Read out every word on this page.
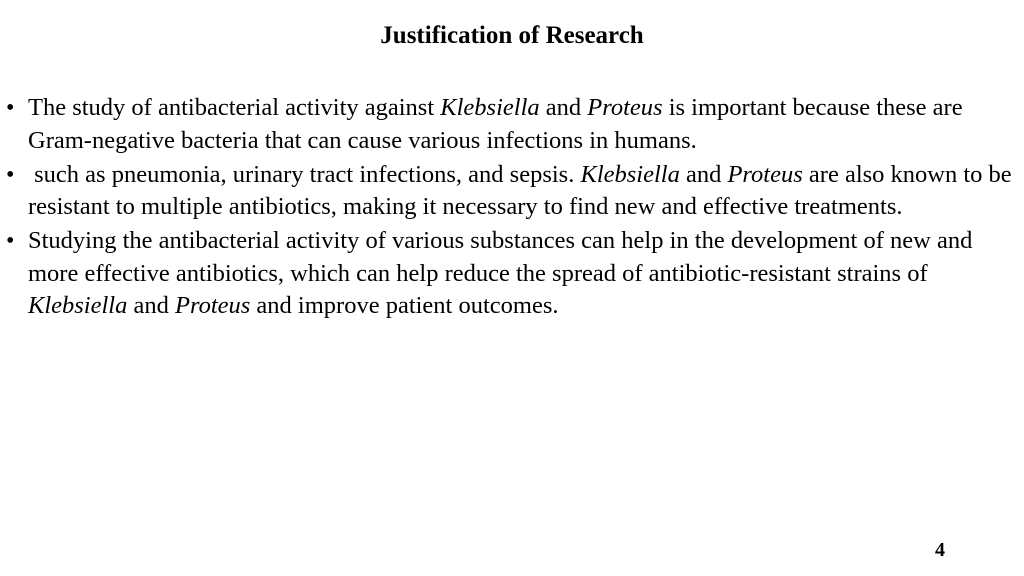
Justification of Research
• The study of antibacterial activity against Klebsiella and Proteus is important because these are Gram-negative bacteria that can cause various infections in humans.
• such as pneumonia, urinary tract infections, and sepsis. Klebsiella and Proteus are also known to be resistant to multiple antibiotics, making it necessary to find new and effective treatments.
• Studying the antibacterial activity of various substances can help in the development of new and more effective antibiotics, which can help reduce the spread of antibiotic-resistant strains of Klebsiella and Proteus and improve patient outcomes.
4
